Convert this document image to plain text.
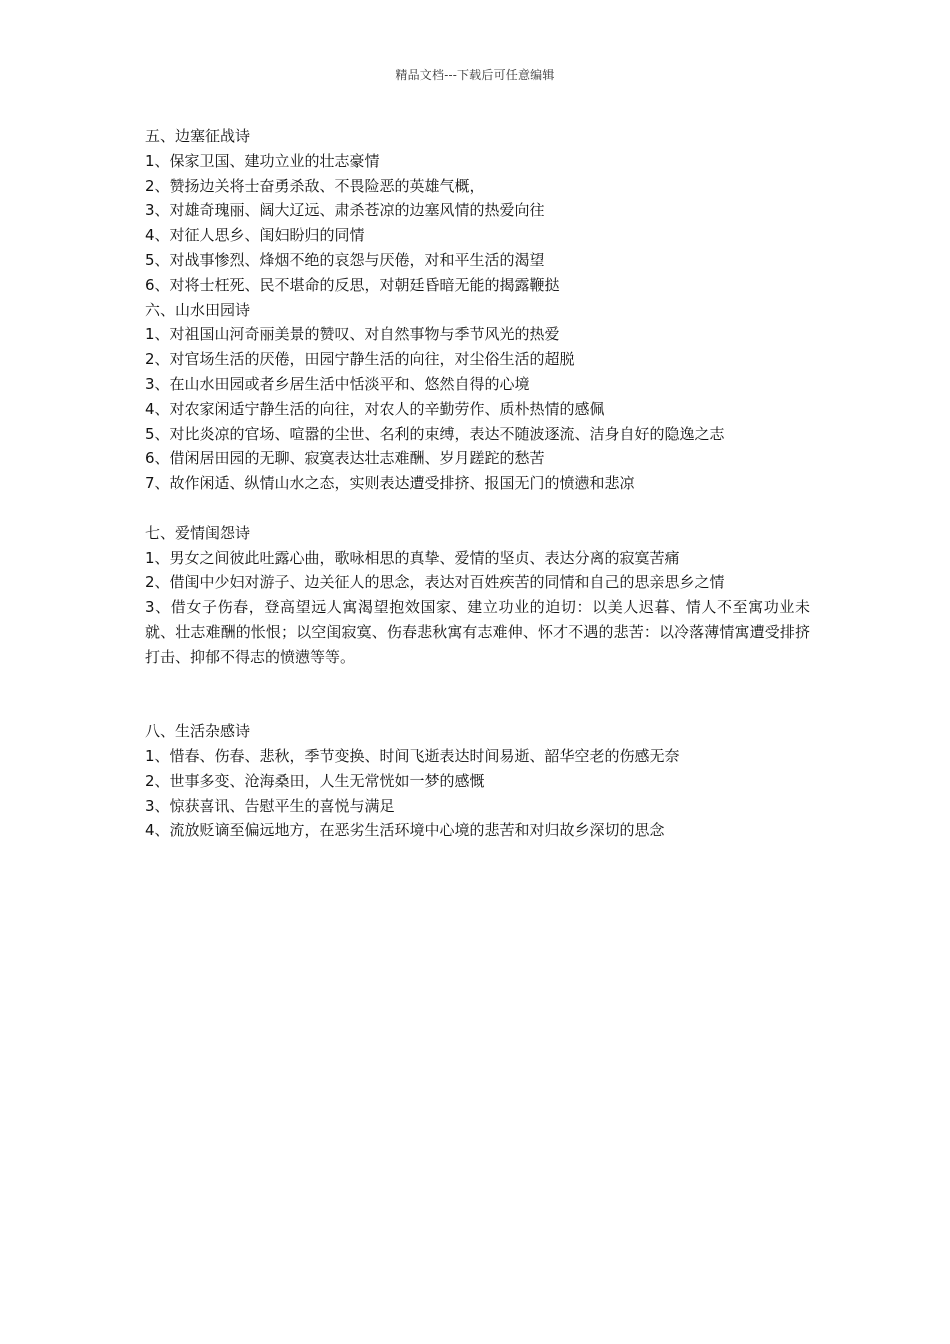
精品文档---下载后可任意编辑

五、边塞征战诗

1、保家卫国、建功立业的壮志豪情

2、赞扬边关将士奋勇杀敌、不畏险恶的英雄气概，

3、对雄奇瑰丽、阔大辽远、肃杀苍凉的边塞风情的热爱向往

4、对征人思乡、闺妇盼归的同情

5、对战事惨烈、烽烟不绝的哀怨与厌倦，对和平生活的渴望

6、对将士枉死、民不堪命的反思，对朝廷昏暗无能的揭露鞭挞

六、山水田园诗

1、对祖国山河奇丽美景的赞叹、对自然事物与季节风光的热爱

2、对官场生活的厌倦，田园宁静生活的向往，对尘俗生活的超脱

3、在山水田园或者乡居生活中恬淡平和、悠然自得的心境

4、对农家闲适宁静生活的向往，对农人的辛勤劳作、质朴热情的感佩

5、对比炎凉的官场、喧嚣的尘世、名利的束缚，表达不随波逐流、洁身自好的隐逸之志

6、借闲居田园的无聊、寂寞表达壮志难酬、岁月蹉跎的愁苦

7、故作闲适、纵情山水之态，实则表达遭受排挤、报国无门的愤懑和悲凉

七、爱情闺怨诗

1、男女之间彼此吐露心曲，歌咏相思的真挚、爱情的坚贞、表达分离的寂寞苦痛

2、借闺中少妇对游子、边关征人的思念，表达对百姓疾苦的同情和自己的思亲思乡之情

3、借女子伤春，登高望远人寓渴望抱效国家、建立功业的迫切：以美人迟暮、情人不至寓功业未就、壮志难酬的怅恨；以空闺寂寞、伤春悲秋寓有志难伸、怀才不遇的悲苦：以冷落薄情寓遭受排挤打击、抑郁不得志的愤懑等等。

八、生活杂感诗

1、惜春、伤春、悲秋，季节变换、时间飞逝表达时间易逝、韶华空老的伤感无奈

2、世事多变、沧海桑田，人生无常恍如一梦的感慨

3、惊获喜讯、告慰平生的喜悦与满足

4、流放贬谪至偏远地方，在恶劣生活环境中心境的悲苦和对归故乡深切的思念
